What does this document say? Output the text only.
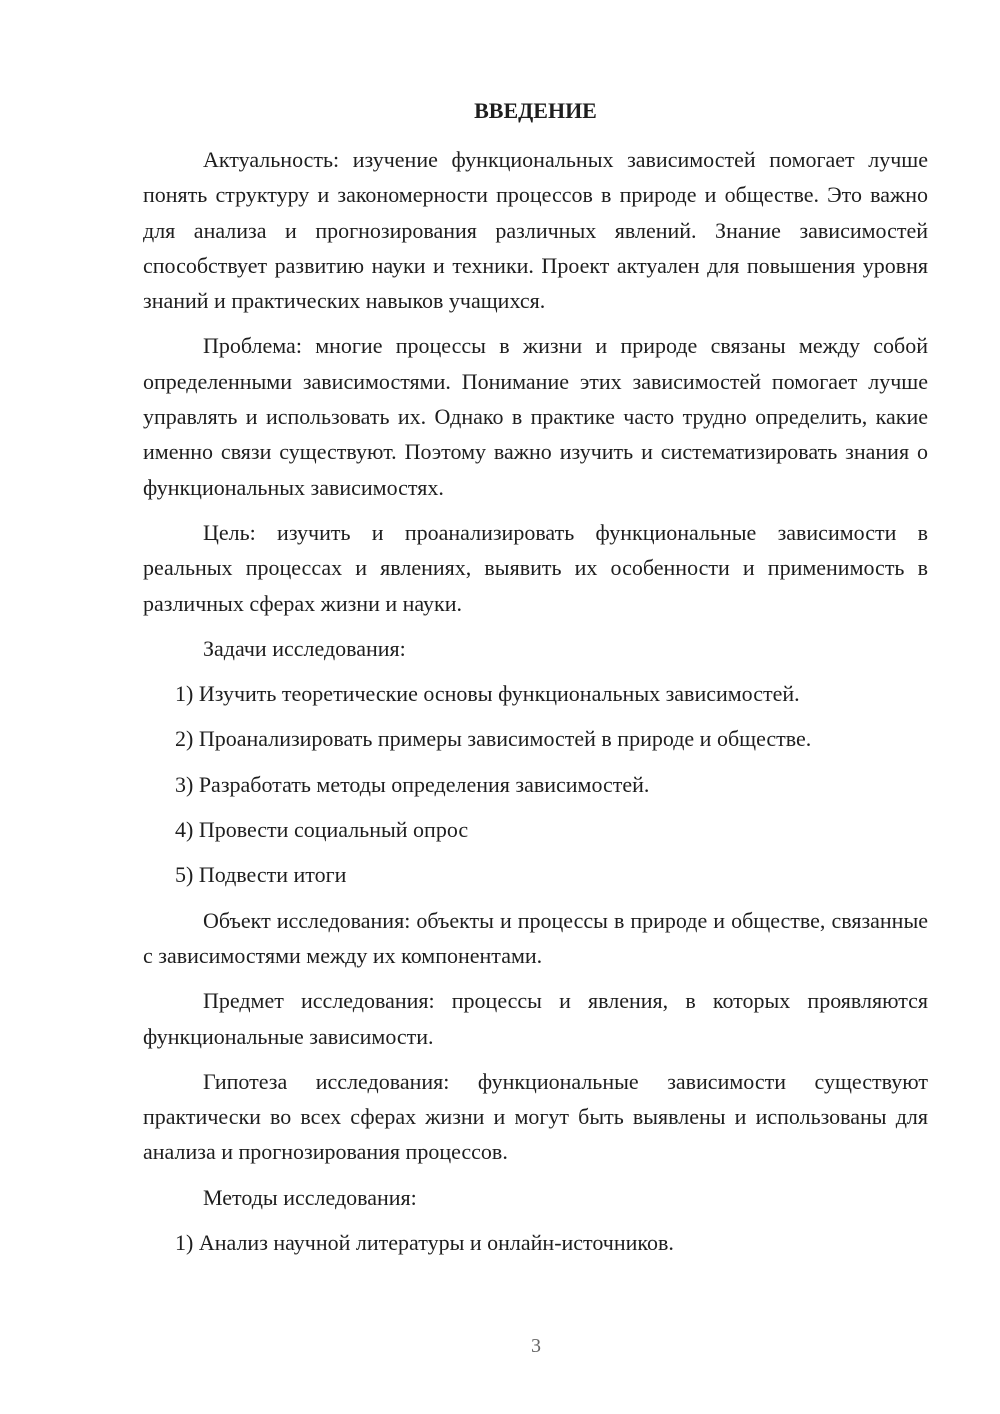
ВВЕДЕНИЕ

Актуальность: изучение функциональных зависимостей помогает лучше понять структуру и закономерности процессов в природе и обществе. Это важно для анализа и прогнозирования различных явлений. Знание зависимостей способствует развитию науки и техники. Проект актуален для повышения уровня знаний и практических навыков учащихся.

Проблема: многие процессы в жизни и природе связаны между собой определенными зависимостями. Понимание этих зависимостей помогает лучше управлять и использовать их. Однако в практике часто трудно определить, какие именно связи существуют. Поэтому важно изучить и систематизировать знания о функциональных зависимостях.

Цель: изучить и проанализировать функциональные зависимости в реальных процессах и явлениях, выявить их особенности и применимость в различных сферах жизни и науки.

Задачи исследования:

1) Изучить теоретические основы функциональных зависимостей.

2) Проанализировать примеры зависимостей в природе и обществе.

3) Разработать методы определения зависимостей.

4) Провести социальный опрос

5) Подвести итоги

Объект исследования: объекты и процессы в природе и обществе, связанные с зависимостями между их компонентами.

Предмет исследования: процессы и явления, в которых проявляются функциональные зависимости.

Гипотеза исследования: функциональные зависимости существуют практически во всех сферах жизни и могут быть выявлены и использованы для анализа и прогнозирования процессов.

Методы исследования:

1) Анализ научной литературы и онлайн-источников.

3
